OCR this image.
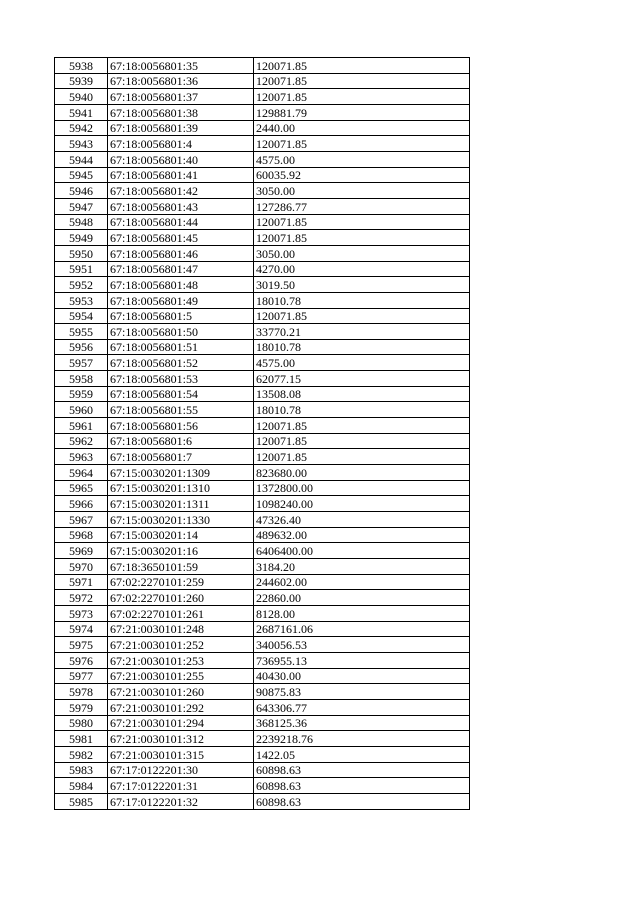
5938	67:18:0056801:35	120071.85
5939	67:18:0056801:36	120071.85
5940	67:18:0056801:37	120071.85
5941	67:18:0056801:38	129881.79
5942	67:18:0056801:39	2440.00
5943	67:18:0056801:4	120071.85
5944	67:18:0056801:40	4575.00
5945	67:18:0056801:41	60035.92
5946	67:18:0056801:42	3050.00
5947	67:18:0056801:43	127286.77
5948	67:18:0056801:44	120071.85
5949	67:18:0056801:45	120071.85
5950	67:18:0056801:46	3050.00
5951	67:18:0056801:47	4270.00
5952	67:18:0056801:48	3019.50
5953	67:18:0056801:49	18010.78
5954	67:18:0056801:5	120071.85
5955	67:18:0056801:50	33770.21
5956	67:18:0056801:51	18010.78
5957	67:18:0056801:52	4575.00
5958	67:18:0056801:53	62077.15
5959	67:18:0056801:54	13508.08
5960	67:18:0056801:55	18010.78
5961	67:18:0056801:56	120071.85
5962	67:18:0056801:6	120071.85
5963	67:18:0056801:7	120071.85
5964	67:15:0030201:1309	823680.00
5965	67:15:0030201:1310	1372800.00
5966	67:15:0030201:1311	1098240.00
5967	67:15:0030201:1330	47326.40
5968	67:15:0030201:14	489632.00
5969	67:15:0030201:16	6406400.00
5970	67:18:3650101:59	3184.20
5971	67:02:2270101:259	244602.00
5972	67:02:2270101:260	22860.00
5973	67:02:2270101:261	8128.00
5974	67:21:0030101:248	2687161.06
5975	67:21:0030101:252	340056.53
5976	67:21:0030101:253	736955.13
5977	67:21:0030101:255	40430.00
5978	67:21:0030101:260	90875.83
5979	67:21:0030101:292	643306.77
5980	67:21:0030101:294	368125.36
5981	67:21:0030101:312	2239218.76
5982	67:21:0030101:315	1422.05
5983	67:17:0122201:30	60898.63
5984	67:17:0122201:31	60898.63
5985	67:17:0122201:32	60898.63
